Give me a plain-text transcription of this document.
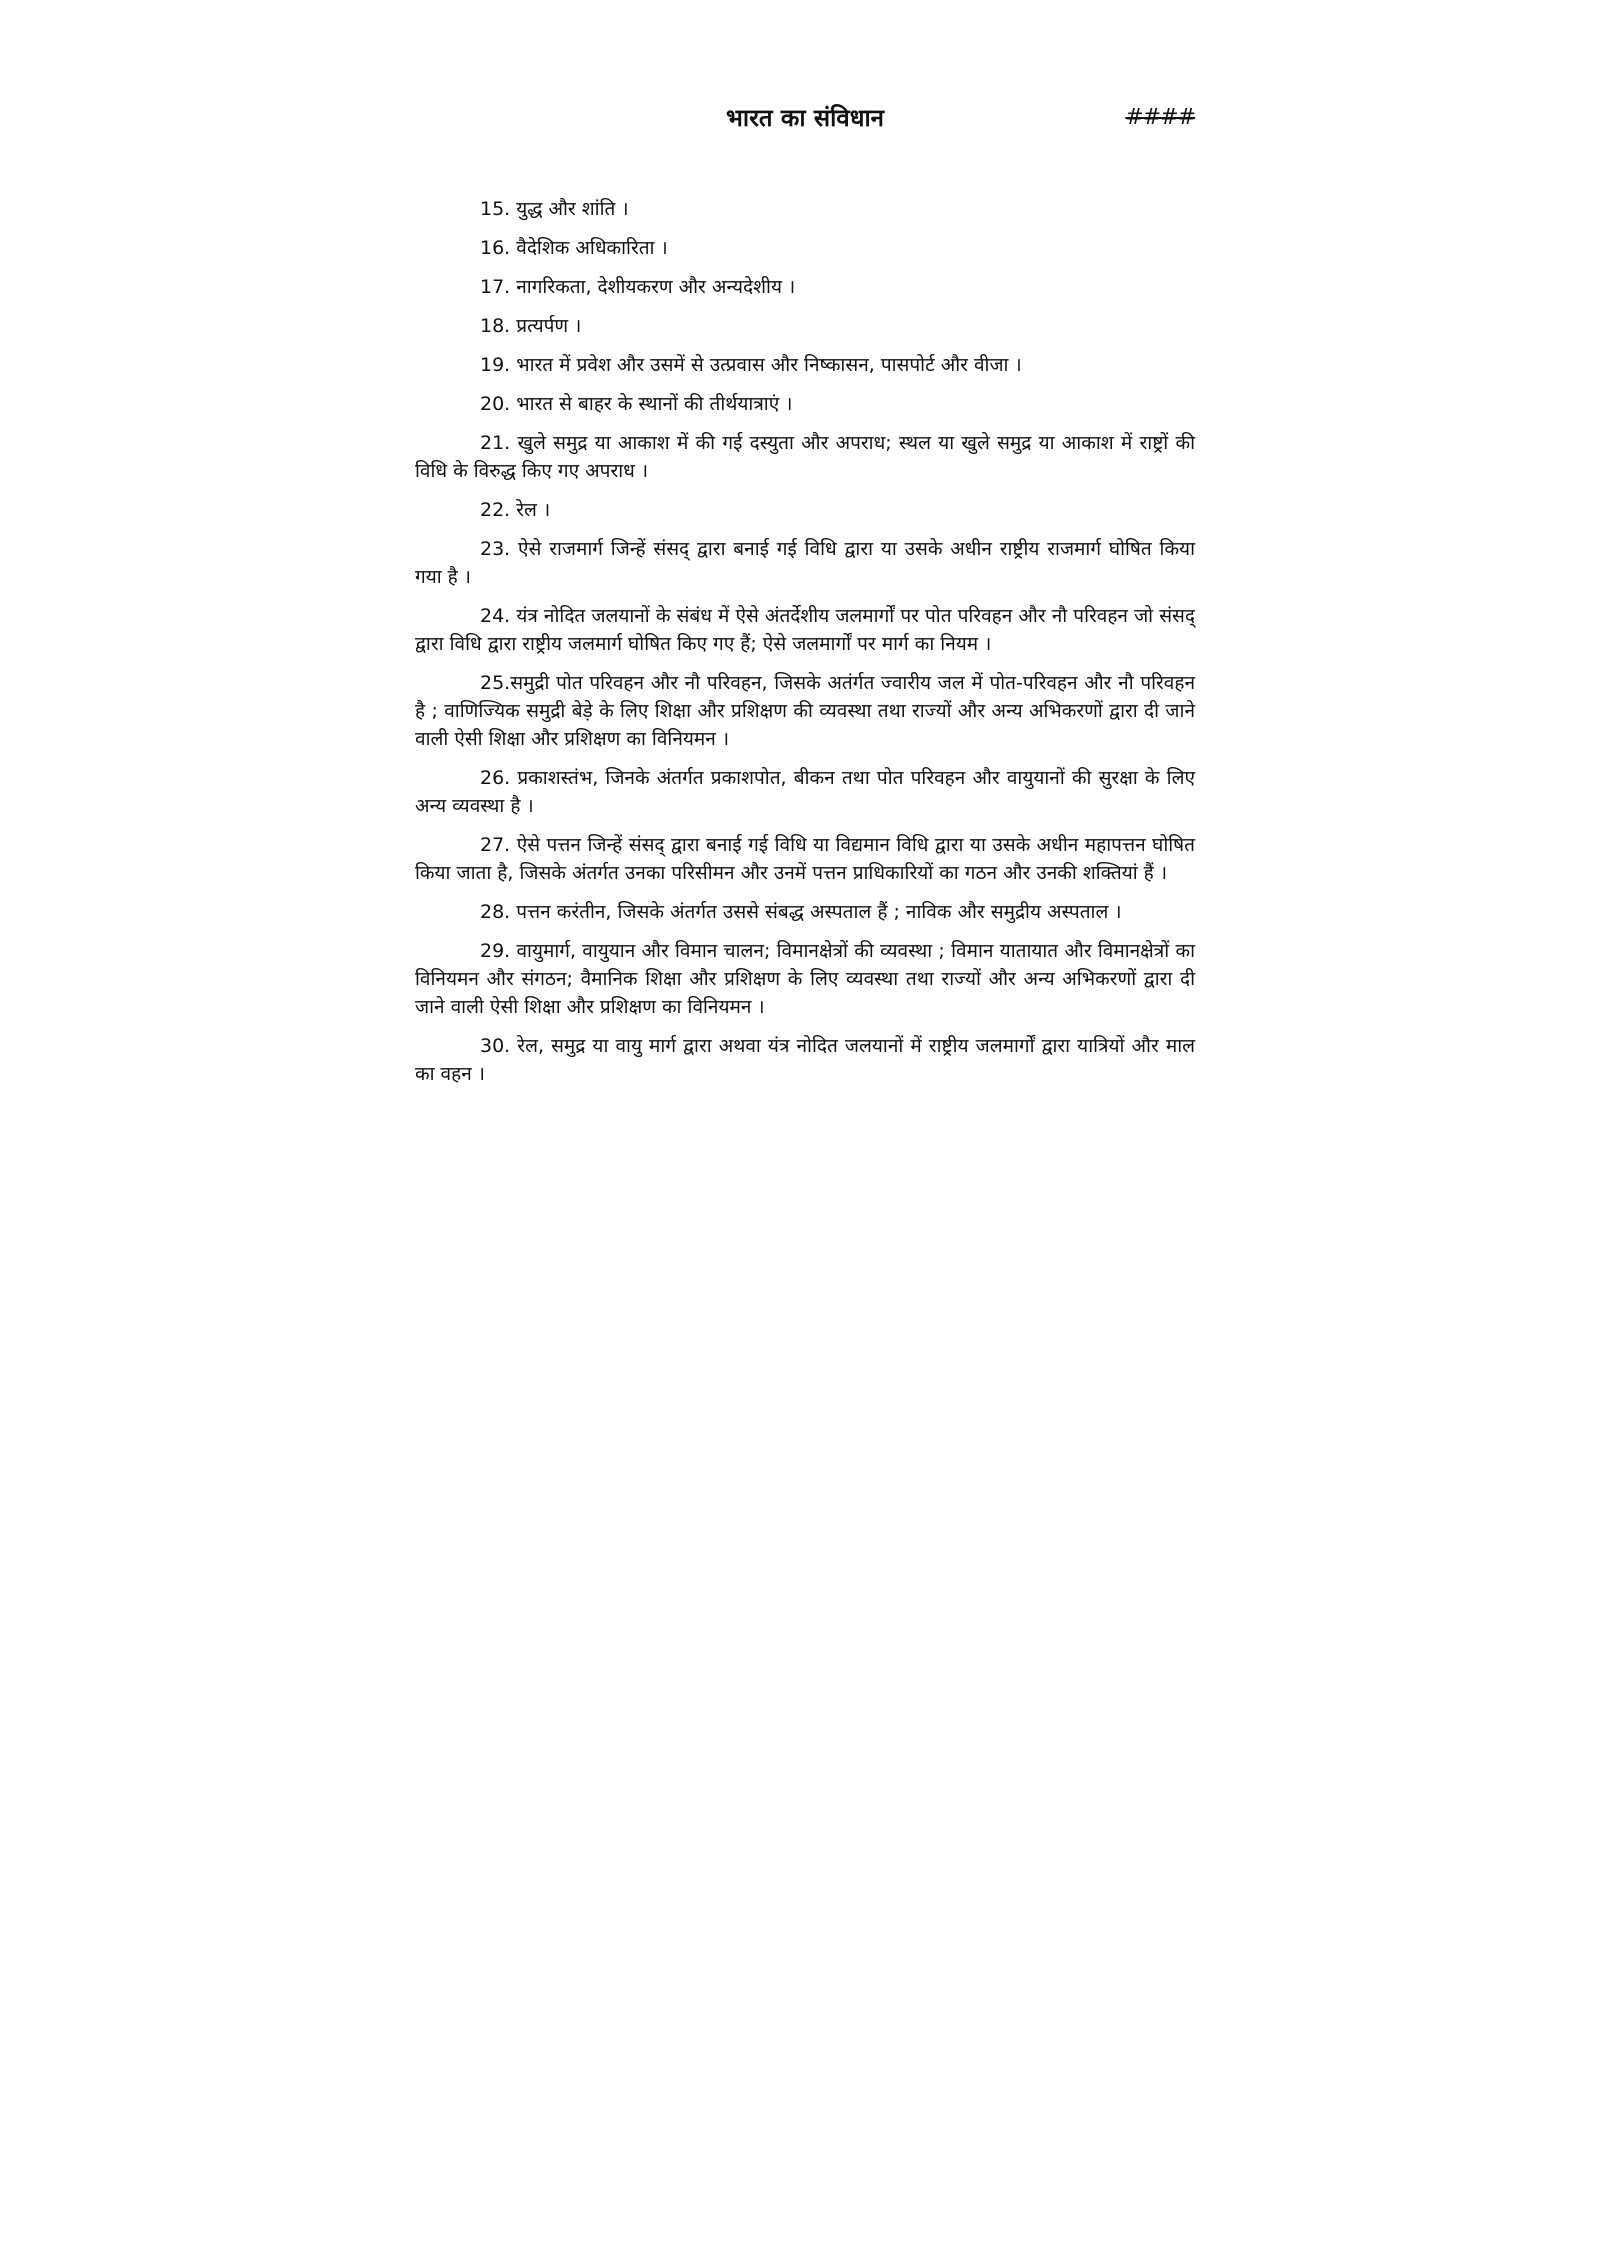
भारत का संविधान	####

15. युद्ध और शांति ।

16. वैदेशिक अधिकारिता ।

17. नागरिकता, देशीयकरण और अन्यदेशीय ।

18. प्रत्यर्पण ।

19. भारत में प्रवेश और उसमें से उत्प्रवास और निष्कासन, पासपोर्ट और वीजा ।

20. भारत से बाहर के स्थानों की तीर्थयात्राएं ।

21. खुले समुद्र या आकाश में की गई दस्युता और अपराध; स्थल या खुले समुद्र या आकाश में राष्ट्रों की विधि के विरुद्ध किए गए अपराध ।

22. रेल ।

23. ऐसे राजमार्ग जिन्हें संसद् द्वारा बनाई गई विधि द्वारा या उसके अधीन राष्ट्रीय राजमार्ग घोषित किया गया है ।

24. यंत्र नोदित जलयानों के संबंध में ऐसे अंतर्देशीय जलमार्गों पर पोत परिवहन और नौ परिवहन जो संसद् द्वारा विधि द्वारा राष्ट्रीय जलमार्ग घोषित किए गए हैं; ऐसे जलमार्गों पर मार्ग का नियम ।

25.समुद्री पोत परिवहन और नौ परिवहन, जिसके अतंर्गत ज्वारीय जल में पोत-परिवहन और नौ परिवहन है ; वाणिज्यिक समुद्री बेड़े के लिए शिक्षा और प्रशिक्षण की व्यवस्था तथा राज्यों और अन्य अभिकरणों द्वारा दी जाने वाली ऐसी शिक्षा और प्रशिक्षण का विनियमन ।

26. प्रकाशस्तंभ, जिनके अंतर्गत प्रकाशपोत, बीकन तथा पोत परिवहन और वायुयानों की सुरक्षा के लिए अन्य व्यवस्था है ।

27. ऐसे पत्तन जिन्हें संसद् द्वारा बनाई गई विधि या विद्यमान विधि द्वारा या उसके अधीन महापत्तन घोषित किया जाता है, जिसके अंतर्गत उनका परिसीमन और उनमें पत्तन प्राधिकारियों का गठन और उनकी शक्तियां हैं ।

28. पत्तन करंतीन, जिसके अंतर्गत उससे संबद्ध अस्पताल हैं ; नाविक और समुद्रीय अस्पताल ।

29. वायुमार्ग, वायुयान और विमान चालन; विमानक्षेत्रों की व्यवस्था ; विमान यातायात और विमानक्षेत्रों का विनियमन और संगठन; वैमानिक शिक्षा और प्रशिक्षण के लिए व्यवस्था तथा राज्यों और अन्य अभिकरणों द्वारा दी जाने वाली ऐसी शिक्षा और प्रशिक्षण का विनियमन ।

30. रेल, समुद्र या वायु मार्ग द्वारा अथवा यंत्र नोदित जलयानों में राष्ट्रीय जलमार्गों द्वारा यात्रियों और माल का वहन ।
